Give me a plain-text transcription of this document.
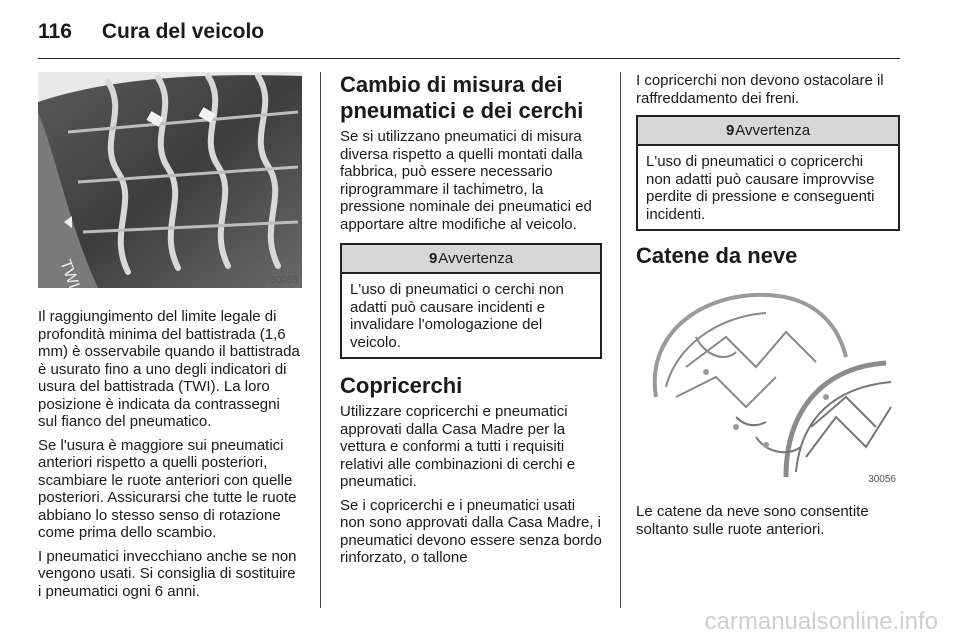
116 Cura del veicolo
TWI	30055

Il raggiungimento del limite legale di profondità minima del battistrada (1,6 mm) è osservabile quando il battistrada è usurato fino a uno degli indicatori di usura del battistrada (TWI). La loro posizione è indicata da contrassegni sul fianco del pneumatico.

Se l'usura è maggiore sui pneumatici anteriori rispetto a quelli posteriori, scambiare le ruote anteriori con quelle posteriori. Assicurarsi che tutte le ruote abbiano lo stesso senso di rotazione come prima dello scambio.

I pneumatici invecchiano anche se non vengono usati. Si consiglia di sostituire i pneumatici ogni 6 anni.

Cambio di misura dei pneumatici e dei cerchi

Se si utilizzano pneumatici di misura diversa rispetto a quelli montati dalla fabbrica, può essere necessario riprogrammare il tachimetro, la pressione nominale dei pneumatici ed apportare altre modifiche al veicolo.

9Avvertenza
L'uso di pneumatici o cerchi non adatti può causare incidenti e invalidare l'omologazione del veicolo.
Copricerchi

Utilizzare copricerchi e pneumatici approvati dalla Casa Madre per la vettura e conformi a tutti i requisiti relativi alle combinazioni di cerchi e pneumatici.

Se i copricerchi e i pneumatici usati non sono approvati dalla Casa Madre, i pneumatici devono essere senza bordo rinforzato, o tallone

I copricerchi non devono ostacolare il raffreddamento dei freni.

9Avvertenza
L'uso di pneumatici o copricerchi non adatti può causare improvvise perdite di pressione e conseguenti incidenti.
Catene da neve
30056

Le catene da neve sono consentite soltanto sulle ruote anteriori.

carmanualsonline.info
